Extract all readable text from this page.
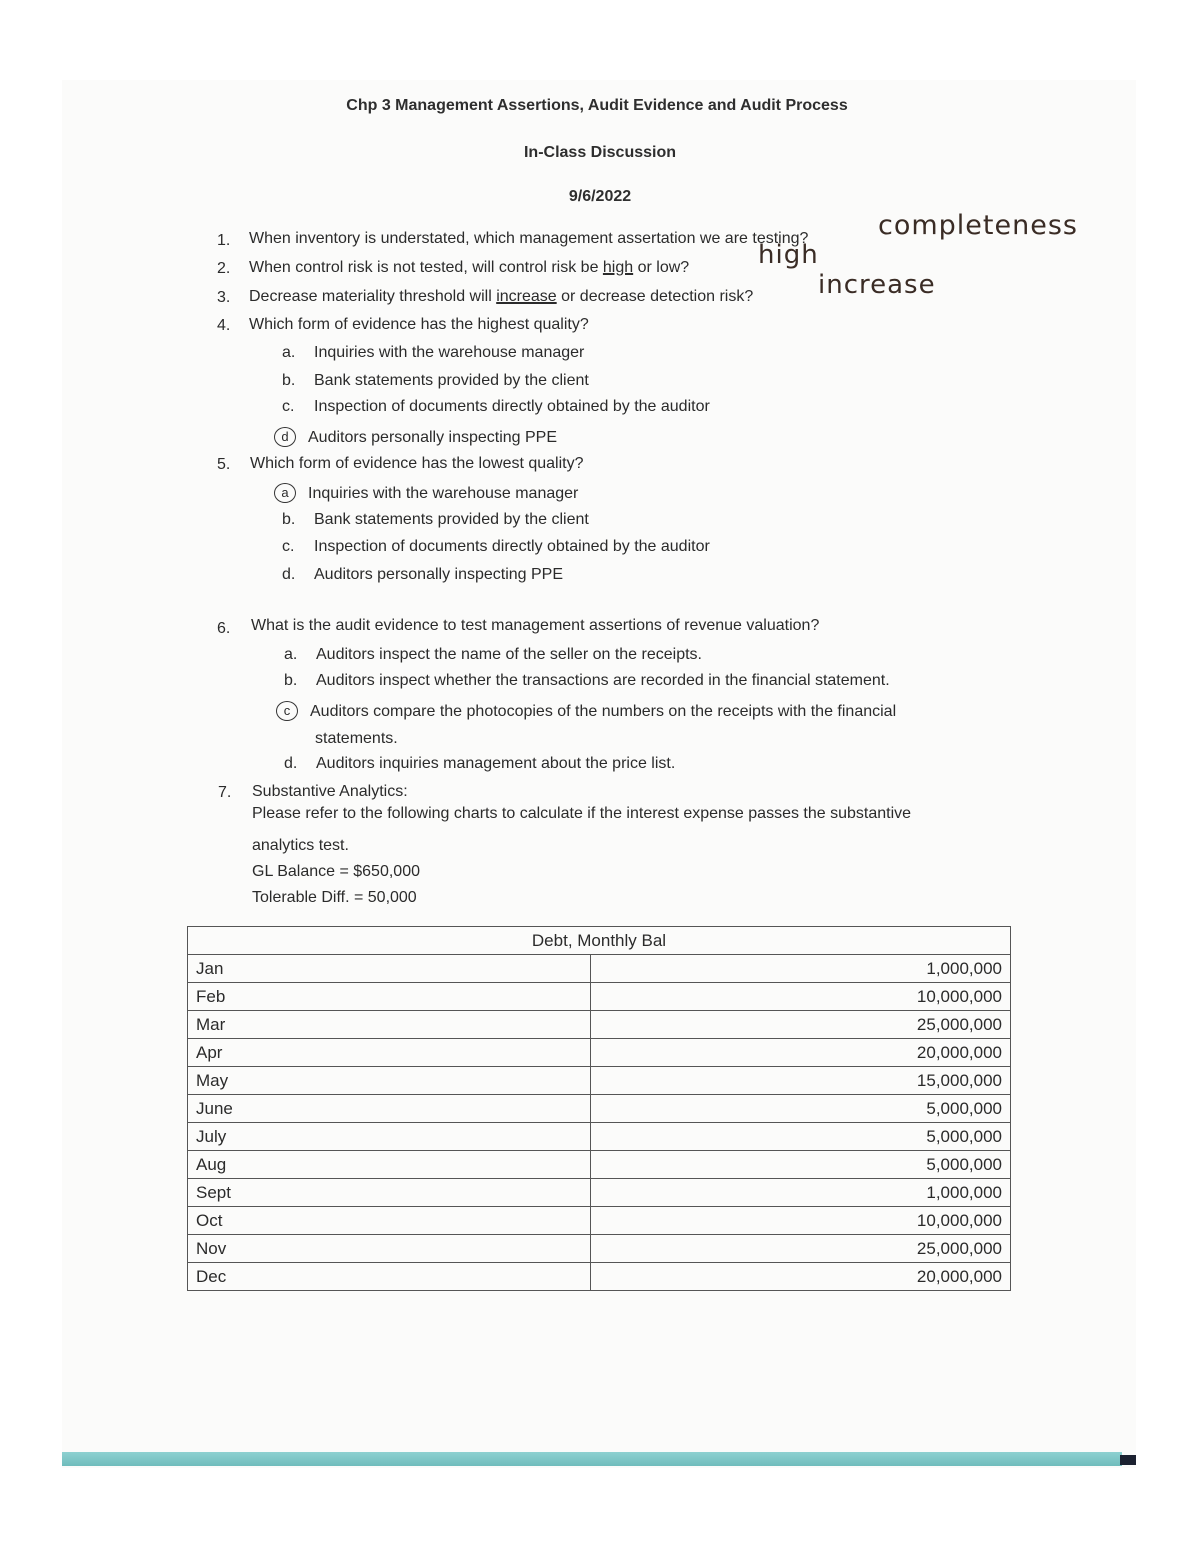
Chp 3 Management Assertions, Audit Evidence and Audit Process
In-Class Discussion
9/6/2022
1. When inventory is understated, which management assertation we are testing?	completeness
2. When control risk is not tested, will control risk be high or low?	high
3. Decrease materiality threshold will increase or decrease detection risk? increase
4. Which form of evidence has the highest quality?
a. Inquiries with the warehouse manager
b. Bank statements provided by the client
c. Inspection of documents directly obtained by the auditor
d Auditors personally inspecting PPE
5. Which form of evidence has the lowest quality?
a Inquiries with the warehouse manager
b. Bank statements provided by the client
c. Inspection of documents directly obtained by the auditor
d. Auditors personally inspecting PPE
6. What is the audit evidence to test management assertions of revenue valuation?
a. Auditors inspect the name of the seller on the receipts.
b. Auditors inspect whether the transactions are recorded in the financial statement.
c Auditors compare the photocopies of the numbers on the receipts with the financial
statements.
d. Auditors inquiries management about the price list.
7. Substantive Analytics:
Please refer to the following charts to calculate if the interest expense passes the substantive
analytics test.
GL Balance = $650,000
Tolerable Diff. = 50,000
Debt, Monthly Bal	
Jan	1,000,000
Feb	10,000,000
Mar	25,000,000
Apr	20,000,000
May	15,000,000
June	5,000,000
July	5,000,000
Aug	5,000,000
Sept	1,000,000
Oct	10,000,000
Nov	25,000,000
Dec	20,000,000
